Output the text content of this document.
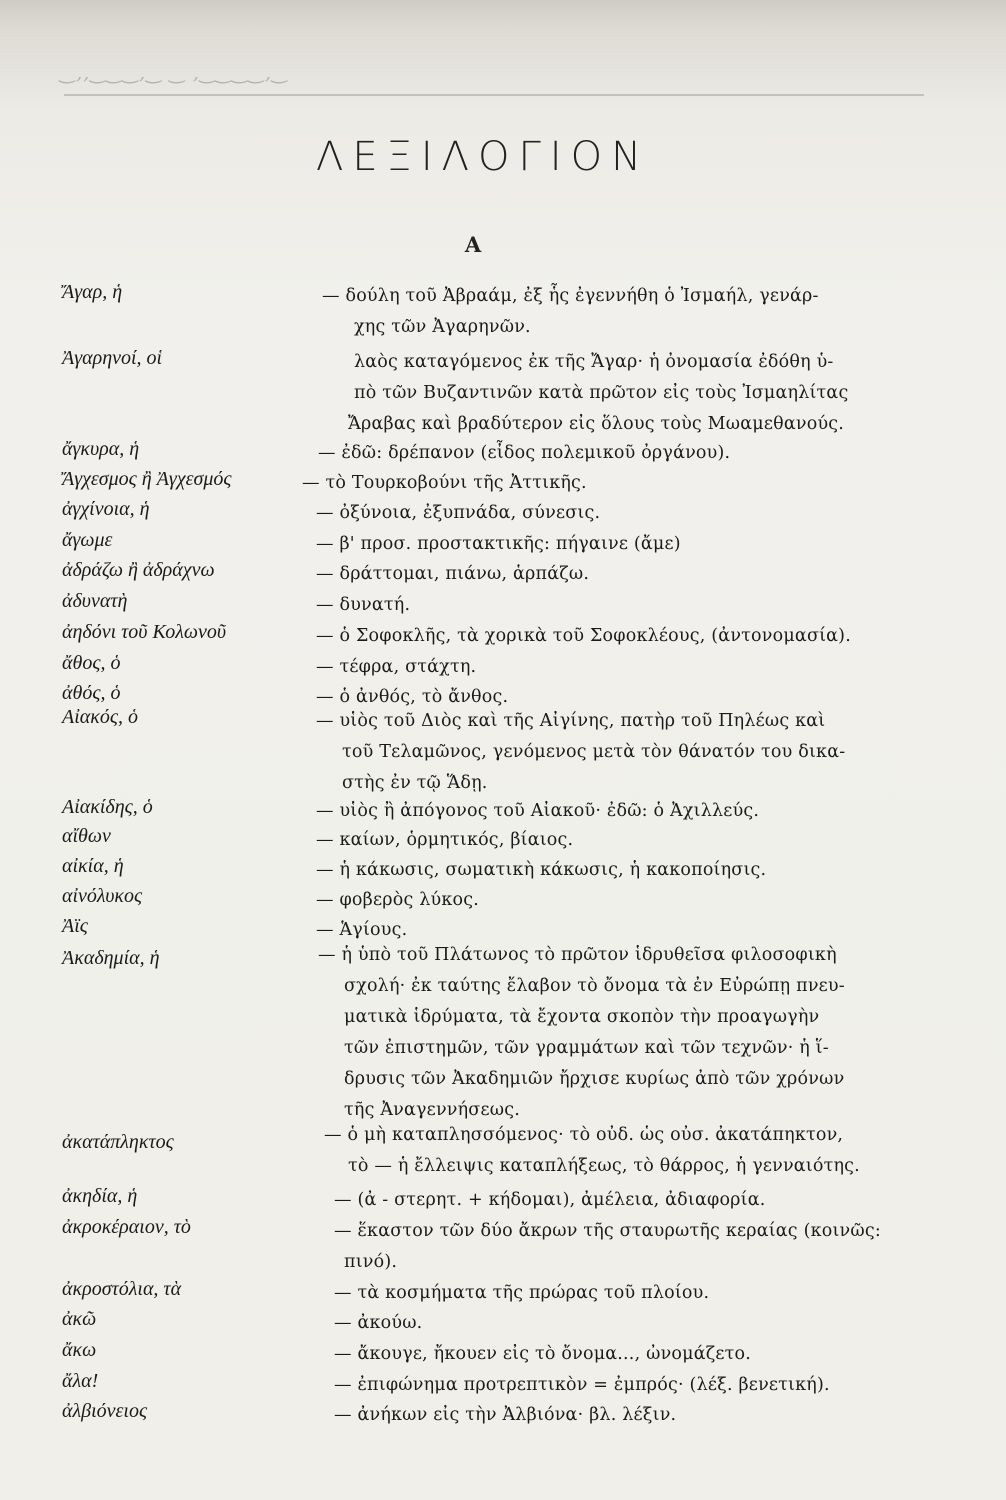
‿,,‿‿‿,‿ ‿ ,‿‿‿‿,‿
ΛΕΞΙΛΟΓΙΟΝ
Α
Ἄγαρ, ἡ	— δούλη τοῦ Ἀβραάμ, ἐξ ἧς ἐγεννήθη ὁ Ἰσμαήλ, γενάρ-
χης τῶν Ἀγαρηνῶν.
Ἀγαρηνοί, οἱ	λαὸς καταγόμενος ἐκ τῆς Ἄγαρ· ἡ ὀνομασία ἐδόθη ὑ-
πὸ τῶν Βυζαντινῶν κατὰ πρῶτον εἰς τοὺς Ἰσμαηλίτας
Ἄραβας καὶ βραδύτερον εἰς ὅλους τοὺς Μωαμεθανούς.
ἄγκυρα, ἡ	— ἐδῶ: δρέπανον (εἶδος πολεμικοῦ ὀργάνου).
Ἄγχεσμος ἢ Ἀγχεσμός	— τὸ Τουρκοβούνι τῆς Ἀττικῆς.
ἀγχίνοια, ἡ	— ὀξύνοια, ἐξυπνάδα, σύνεσις.
ἄγωμε	— β' προσ. προστακτικῆς: πήγαινε (ἄμε)
ἀδράζω ἢ ἀδράχνω	— δράττομαι, πιάνω, ἁρπάζω.
ἀδυνατὴ	— δυνατή.
ἀηδόνι τοῦ Κολωνοῦ	— ὁ Σοφοκλῆς, τὰ χορικὰ τοῦ Σοφοκλέους, (ἀντονομασία).
ἄθος, ὁ	— τέφρα, στάχτη.
ἀθός, ὁ	— ὁ ἀνθός, τὸ ἄνθος.
Αἰακός, ὁ	— υἱὸς τοῦ Διὸς καὶ τῆς Αἰγίνης, πατὴρ τοῦ Πηλέως καὶ
τοῦ Τελαμῶνος, γενόμενος μετὰ τὸν θάνατόν του δικα-
στὴς ἐν τῷ Ἅδῃ.
Αἰακίδης, ὁ	— υἱὸς ἢ ἀπόγονος τοῦ Αἰακοῦ· ἐδῶ: ὁ Ἀχιλλεύς.
αἴθων	— καίων, ὁρμητικός, βίαιος.
αἰκία, ἡ	— ἡ κάκωσις, σωματικὴ κάκωσις, ἡ κακοποίησις.
αἰνόλυκος	— φοβερὸς λύκος.
Ἀϊς	— Ἁγίους.
Ἀκαδημία, ἡ	— ἡ ὑπὸ τοῦ Πλάτωνος τὸ πρῶτον ἱδρυθεῖσα φιλοσοφικὴ
σχολή· ἐκ ταύτης ἔλαβον τὸ ὄνομα τὰ ἐν Εὐρώπῃ πνευ-
ματικὰ ἱδρύματα, τὰ ἔχοντα σκοπὸν τὴν προαγωγὴν
τῶν ἐπιστημῶν, τῶν γραμμάτων καὶ τῶν τεχνῶν· ἡ ἵ-
δρυσις τῶν Ἀκαδημιῶν ἤρχισε κυρίως ἀπὸ τῶν χρόνων
τῆς Ἀναγεννήσεως.
ἀκατάπληκτος	— ὁ μὴ καταπλησσόμενος· τὸ οὐδ. ὡς οὐσ. ἀκατάπηκτον,
τὸ — ἡ ἔλλειψις καταπλήξεως, τὸ θάρρος, ἡ γενναιότης.
ἀκηδία, ἡ	— (ἀ - στερητ. + κήδομαι), ἀμέλεια, ἀδιαφορία.
ἀκροκέραιον, τὸ	— ἕκαστον τῶν δύο ἄκρων τῆς σταυρωτῆς κεραίας (κοινῶς:
πινό).
ἀκροστόλια, τὰ	— τὰ κοσμήματα τῆς πρώρας τοῦ πλοίου.
ἀκῶ	— ἀκούω.
ἄκω	— ἄκουγε, ἤκουεν εἰς τὸ ὄνομα..., ὠνομάζετο.
ἄλα!	— ἐπιφώνημα προτρεπτικὸν = ἐμπρός· (λέξ. βενετική).
ἀλβιόνειος	— ἀνήκων εἰς τὴν Ἀλβιόνα· βλ. λέξιν.
